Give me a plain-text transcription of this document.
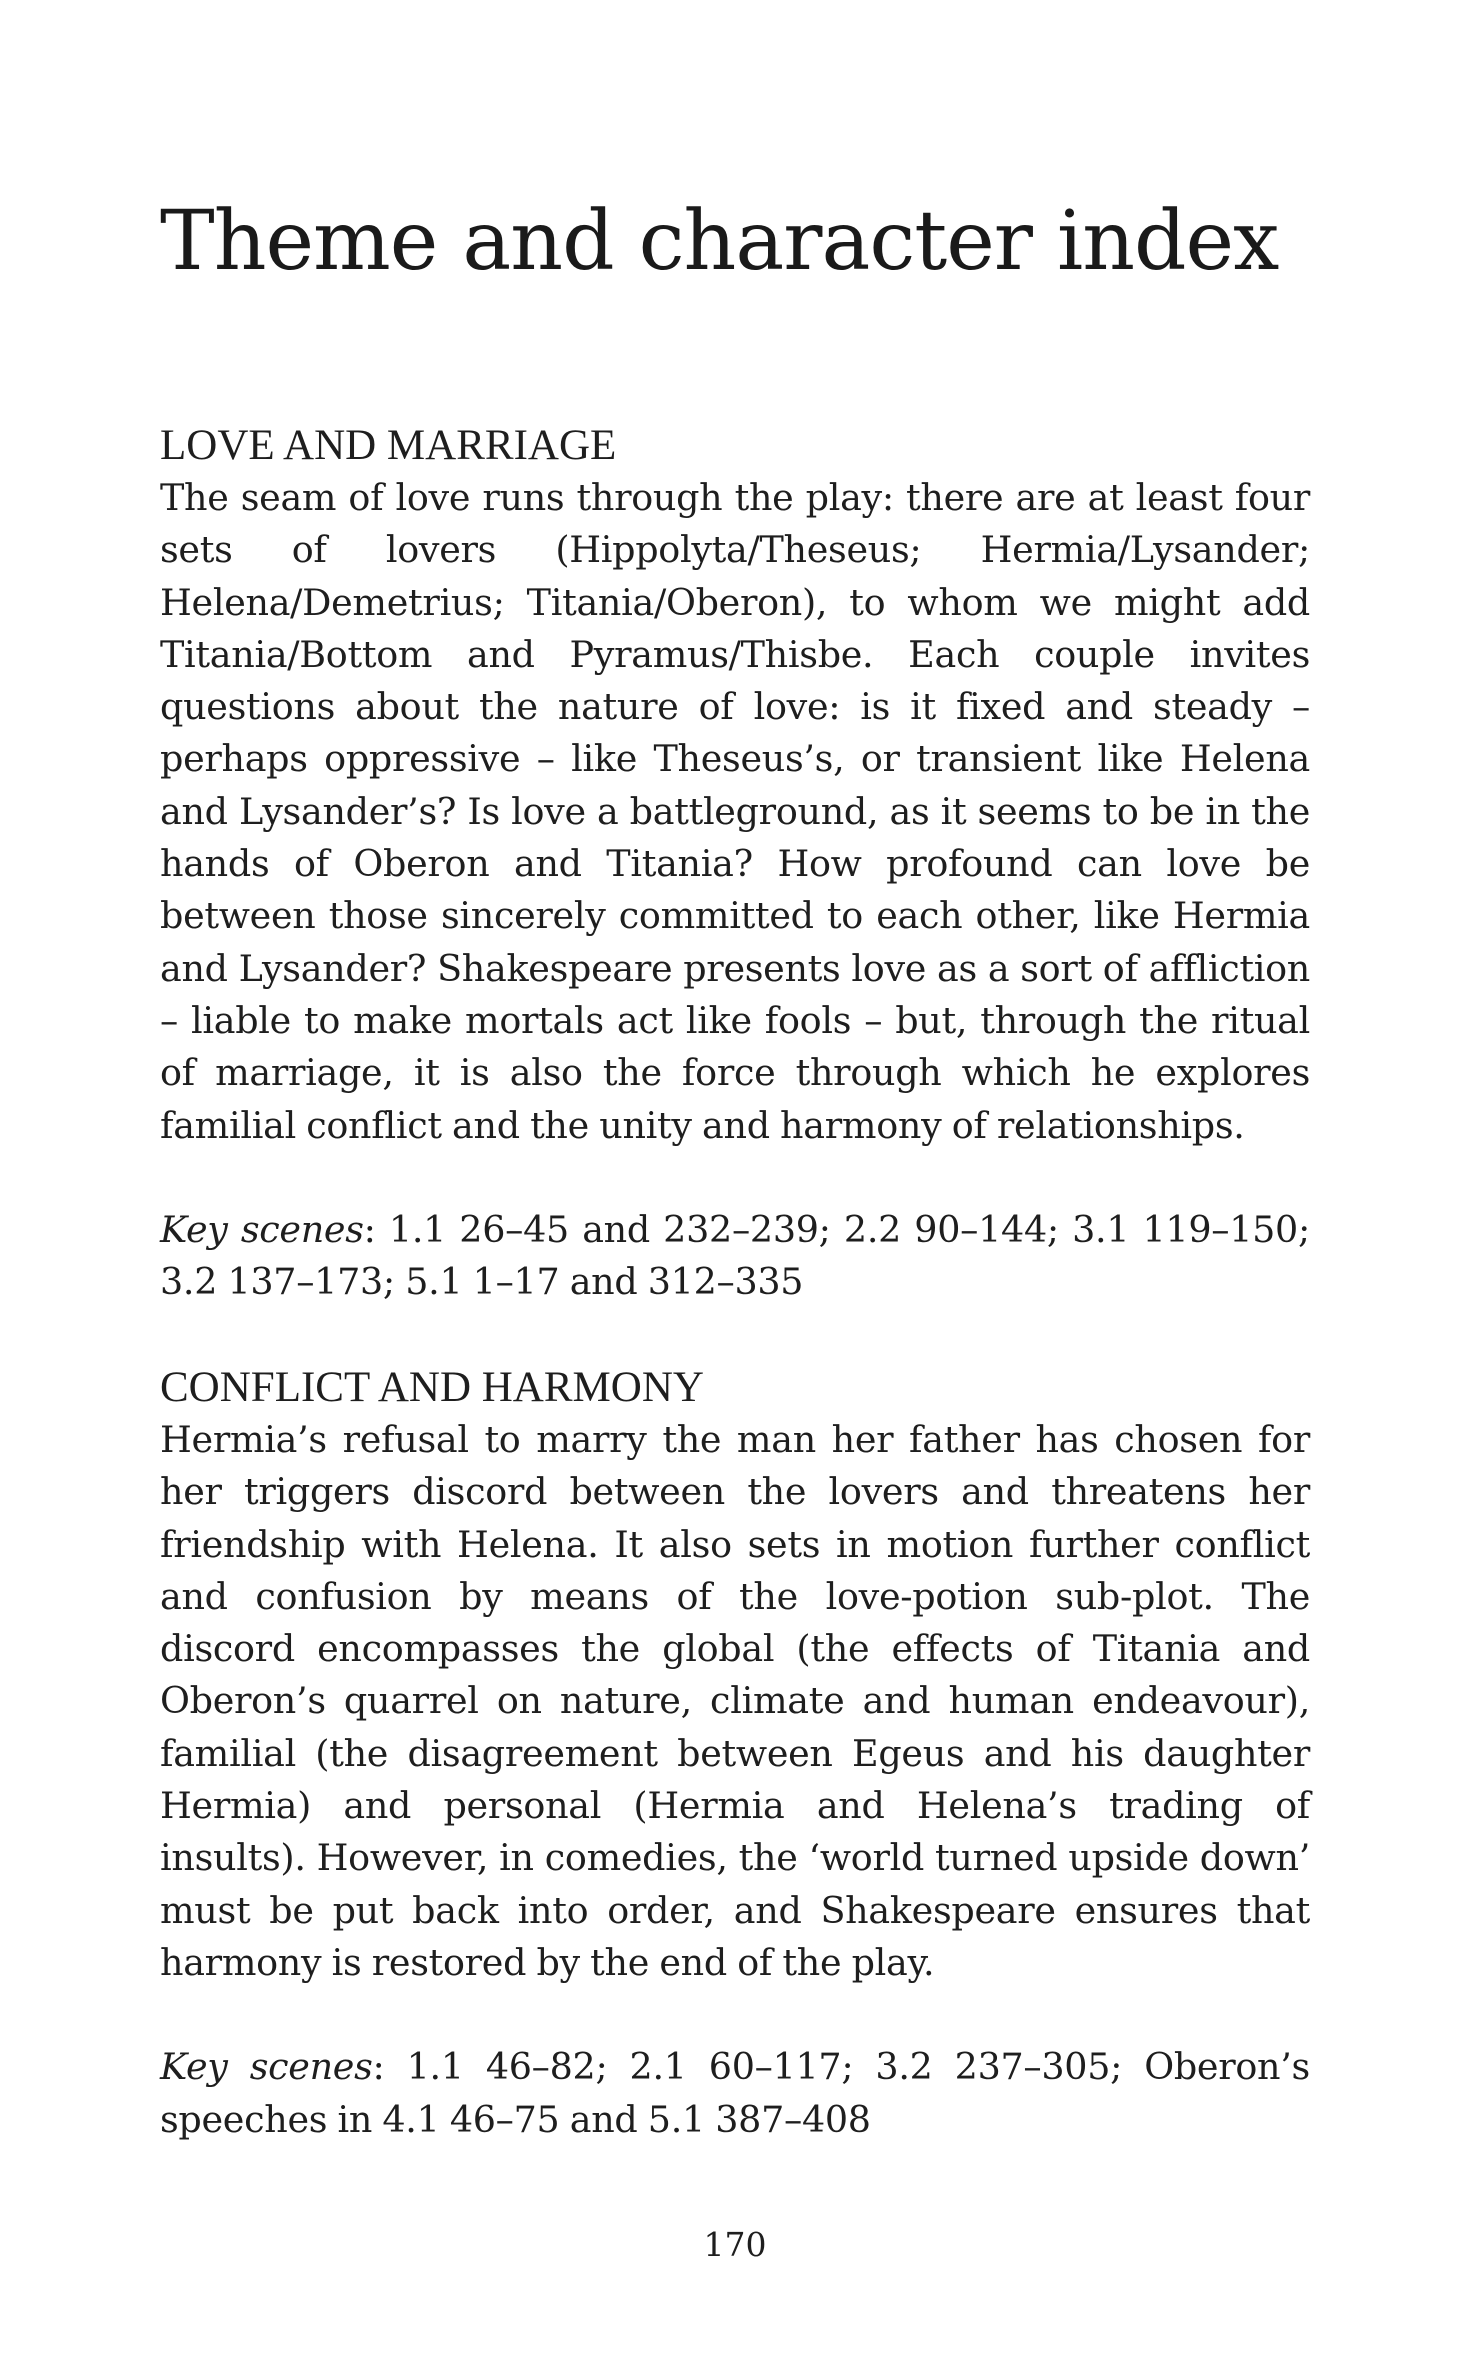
Theme and character index
LOVE AND MARRIAGE

The seam of love runs through the play: there are at least four sets of lovers (Hippolyta/Theseus; Hermia/Lysander; Helena/Demetrius; Titania/Oberon), to whom we might add Titania/Bottom and Pyramus/Thisbe. Each couple invites questions about the nature of love: is it fixed and steady – perhaps oppressive – like Theseus’s, or transient like Helena and Lysander’s? Is love a battleground, as it seems to be in the hands of Oberon and Titania? How profound can love be between those sincerely committed to each other, like Hermia and Lysander? Shakespeare presents love as a sort of affliction – liable to make mortals act like fools – but, through the ritual of marriage, it is also the force through which he explores familial conflict and the unity and harmony of relationships.

Key scenes: 1.1 26–45 and 232–239; 2.2 90–144; 3.1 119–150; 3.2 137–173; 5.1 1–17 and 312–335

CONFLICT AND HARMONY

Hermia’s refusal to marry the man her father has chosen for her triggers discord between the lovers and threatens her friendship with Helena. It also sets in motion further conflict and confusion by means of the love-potion sub-plot. The discord encompasses the global (the effects of Titania and Oberon’s quarrel on nature, climate and human endeavour), familial (the disagreement between Egeus and his daughter Hermia) and personal (Hermia and Helena’s trading of insults). However, in comedies, the ‘world turned upside down’ must be put back into order, and Shakespeare ensures that harmony is restored by the end of the play.

Key scenes: 1.1 46–82; 2.1 60–117; 3.2 237–305; Oberon’s speeches in 4.1 46–75 and 5.1 387–408

170
